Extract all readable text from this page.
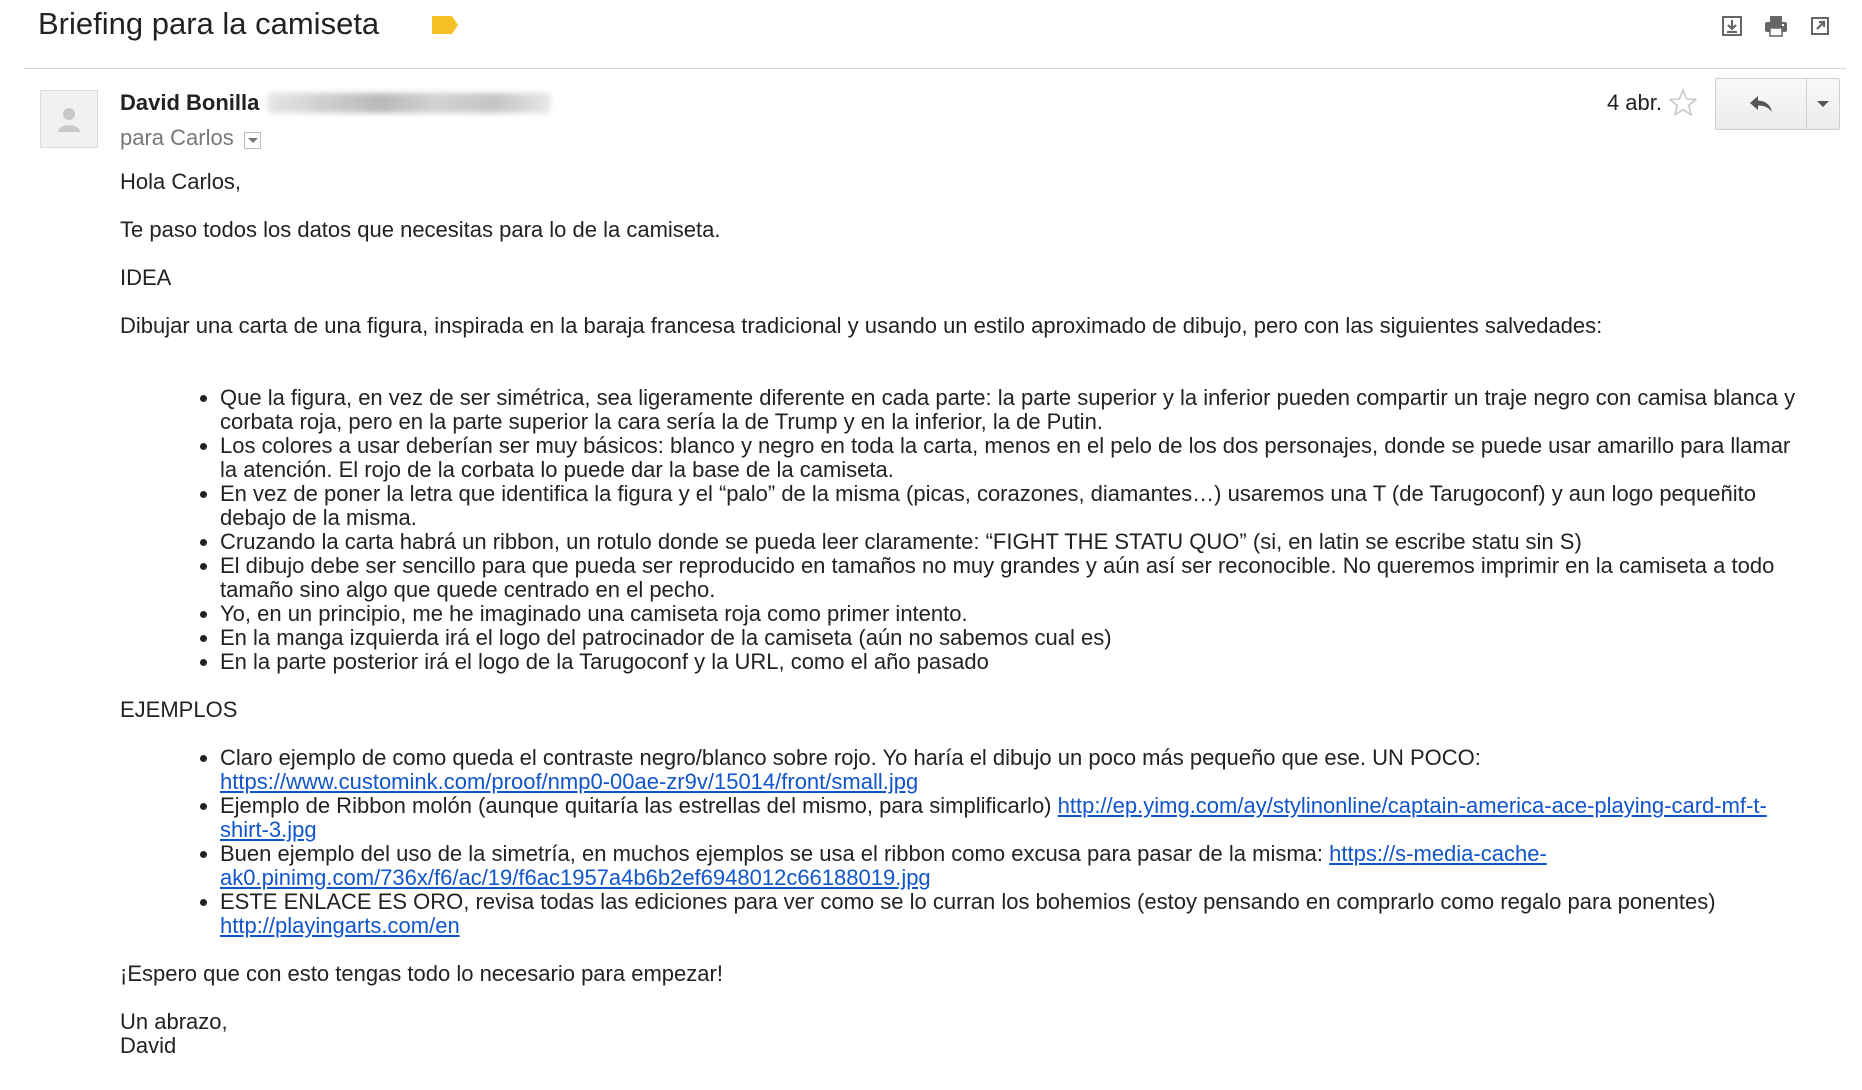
Briefing para la camiseta
David Bonilla
para Carlos
4 abr.

Hola Carlos,

Te paso todos los datos que necesitas para lo de la camiseta.

IDEA

Dibujar una carta de una figura, inspirada en la baraja francesa tradicional y usando un estilo aproximado de dibujo, pero con las siguientes salvedades:

• Que la figura, en vez de ser simétrica, sea ligeramente diferente en cada parte: la parte superior y la inferior pueden compartir un traje negro con camisa blanca y corbata roja, pero en la parte superior la cara sería la de Trump y en la inferior, la de Putin.
• Los colores a usar deberían ser muy básicos: blanco y negro en toda la carta, menos en el pelo de los dos personajes, donde se puede usar amarillo para llamar la atención. El rojo de la corbata lo puede dar la base de la camiseta.
• En vez de poner la letra que identifica la figura y el “palo” de la misma (picas, corazones, diamantes…) usaremos una T (de Tarugoconf) y aun logo pequeñito debajo de la misma.
• Cruzando la carta habrá un ribbon, un rotulo donde se pueda leer claramente: “FIGHT THE STATU QUO” (si, en latin se escribe statu sin S)
• El dibujo debe ser sencillo para que pueda ser reproducido en tamaños no muy grandes y aún así ser reconocible. No queremos imprimir en la camiseta a todo tamaño sino algo que quede centrado en el pecho.
• Yo, en un principio, me he imaginado una camiseta roja como primer intento.
• En la manga izquierda irá el logo del patrocinador de la camiseta (aún no sabemos cual es)
• En la parte posterior irá el logo de la Tarugoconf y la URL, como el año pasado

EJEMPLOS

• Claro ejemplo de como queda el contraste negro/blanco sobre rojo. Yo haría el dibujo un poco más pequeño que ese. UN POCO: https://www.customink.com/proof/nmp0-00ae-zr9v/15014/front/small.jpg
• Ejemplo de Ribbon molón (aunque quitaría las estrellas del mismo, para simplificarlo) http://ep.yimg.com/ay/stylinonline/captain-america-ace-playing-card-mf-t-shirt-3.jpg
• Buen ejemplo del uso de la simetría, en muchos ejemplos se usa el ribbon como excusa para pasar de la misma: https://s-media-cache-ak0.pinimg.com/736x/f6/ac/19/f6ac1957a4b6b2ef6948012c66188019.jpg
• ESTE ENLACE ES ORO, revisa todas las ediciones para ver como se lo curran los bohemios (estoy pensando en comprarlo como regalo para ponentes) http://playingarts.com/en

¡Espero que con esto tengas todo lo necesario para empezar!

Un abrazo,
David
